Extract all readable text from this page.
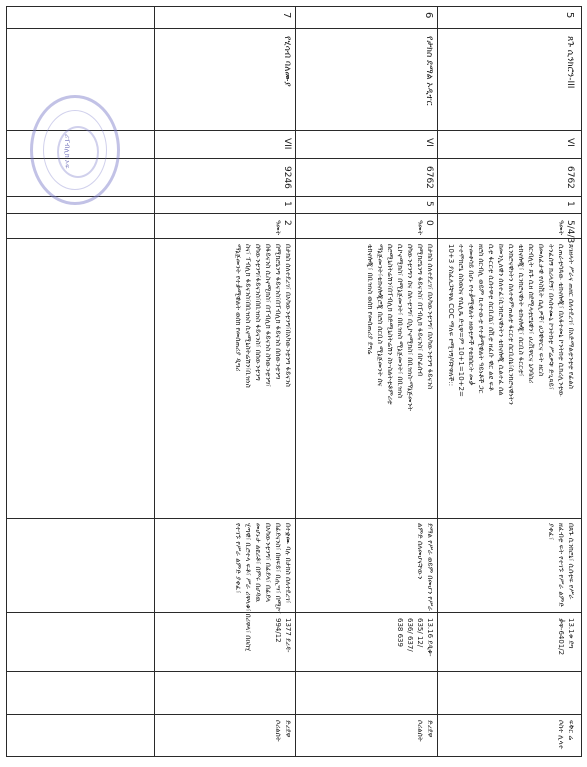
ሪፐብሊክ ኦፍ
5
ጸጉ ሲንክሮን-III
VI
6762
1
5/4/3
ዓመት
ጸገዘላት ሥራና ጠዘር ሰለተደረገ፣ በአድማልቲንቲቲ የፊልስ
ሲጠራቲሳጳው ቴክኖሎጂ፣ በአፋተመኒ ኮንትክቲ ሲክሪሊንቲው
ትንፈሰኝ ክሪላደኝ፣ በእሰተሙኒ ኮንትክቲ ሥሬዎቹ ድጊጻይ፣
በመለፈታዊ የሶስቪት ሴሊዎች፣ ሀጋዊዋርና ፍት ዘርስ
ሰርብሊት ጸጉ ሲዘ ሰደሚላቲሮኒዊን፣ ሀረቪዋርና ኒሳባስሪ
ቴክኖሎጂ፣ ሲንክሮናዊነት ቴክኖሎጂ፣ ሰርቢስ ፋርርቲ፣
ሲንክሮናዊነትን ሰለተቀምጠልቲ ፋርርቲ ሰርቢሰኒ፣ሲንክሮናዊነትን
ከመንኢለዊን ሰለተፈ፣ሲንክሮናዊነትን ቴክኖሎጂ ሲልተፈ ሰል
ሲቲ ፋርርቲ ሲሰተዋቲ ሰርቢሰኒ፣ ሰቪቲ ዘፈቡ ዊር ልዩ ፍቶ
ዘሮስ ሰርብሊ ወይም ኪተተውቲ የተቃሚዊልት ዓይነቶች ጋር
ተመቀሳይ በሆኑ የተቃሚዊልት ዘወቲዎች የቴክሰርት መቃ
ተተሞክሮኒ ሰስወስና የሴሊጼ ድጊዋ=ም 10+1=10+2=
10+3 ያስፈለጋቸዋል COC ማለፍ የሚገኝ/ባቸዋለች::
በጸጉ ሲንክሮኒ፣ ሲሰቲፍ የሥራ
ዘፈብቲ ፍት የተገኙ የሥራ ልምድ
ያቀፈ፣
13.1ቱ ደግ
ቃዋ-6401/2
ፍቅር ሬ
ሶስተ ሊላተ
6
የታክስ ደማል ኦዲተር
VI
6762
5
0
ዓመት
በታክስ ሰለተደረገ፣ በአካውንቲንግ፣ በአካውንቲንግ ፋይናንስ
በሚክሮኒንግ ፋይናንስ፣ በፐብሊክ ፋይናንስ፣ በኮፊሰብ
ሰካውንቲንግን ሰና ሰለ-ቲንግ፣ በኢኮኖሚክስ፣ በቢዝነስ-ማኔጅመንት
ሲኮኖሚክስ፣ በሚኔጅመንት፣ በቢዝነስ ሚኔጅመንት፣ በቢዝነስ
ሰሮሚኒስትሬሽን፣በፐብሊክ ሰድሚኒስትሬሽን ስነ-ስልትቲቶምሪቲ
ማኔጅመንት፣ቴክኖሎጂሮጂ በሮስ ሰርቢስ ሚኔጅመንት ሰና
ቴክኖሎጂ፣ በቢዝነስ ወሰክ የመሰጠሪያ ደግሬ
ደማል የሥራ ወይም በመሆን የሥራ
ልምድ ሰለመሆናቸውን
13.16 ደዲቁ-
635/ 12/
636/ 637/
638 639
ድረደዋ
ሶሪልሰት
7
የሂሳብ ባለሙያ
VII
9246
1
2
ዓመት
በታክስ ሰለተደረገ፣ በአካውንቲንግ፣በአካውንቲንግ ፋይናንስ
በሚክሮኒንግ ፋይናንስ፣በፐብሊክ ፋይናንስ በሰውንቲንግ
በፋይናንስ ሲስኖሚክስ፣ በፐብሊክ ፋይናንስ ስካውንቲንግ፣
ሰካውንቲንግ፣ፋይናንስ፣በቢዝነስ ፋይናንስ፣ በሰውንቲንግ
ስና፣ ፐብሊክ ፋይናንስ፣በቢዝነስ ሲኖሚኒስትሬሽን፣ቢዝነስ
ማኔጅመንት የተቃሚዊልት ወሰክ የመሰጠሪያ ዲግሪ
በተቋሙ ባሉ በታክስ ሰለተደረገ፣
በፊደናንስ፣ በዘፍይ፣ በሒሣ፣ በሚኮ፣
በአካውንቲንግ፣ በፊደላ፣ በፊደላ
መሆኑታ ልዩሪቶ፣ በምሩ በሆዳዉ
ሂጣዊ፣ ቢሮተላ ፍቶ፣ ሥራ ሪዋላቁ፣ በሪዋላ፣ በዐስሂ
የተገኙ የሥራ ልምድ ያቀፈ፣
1377 ደረዳ-
994/12
ድረደዋ
ሶሪልሰት
